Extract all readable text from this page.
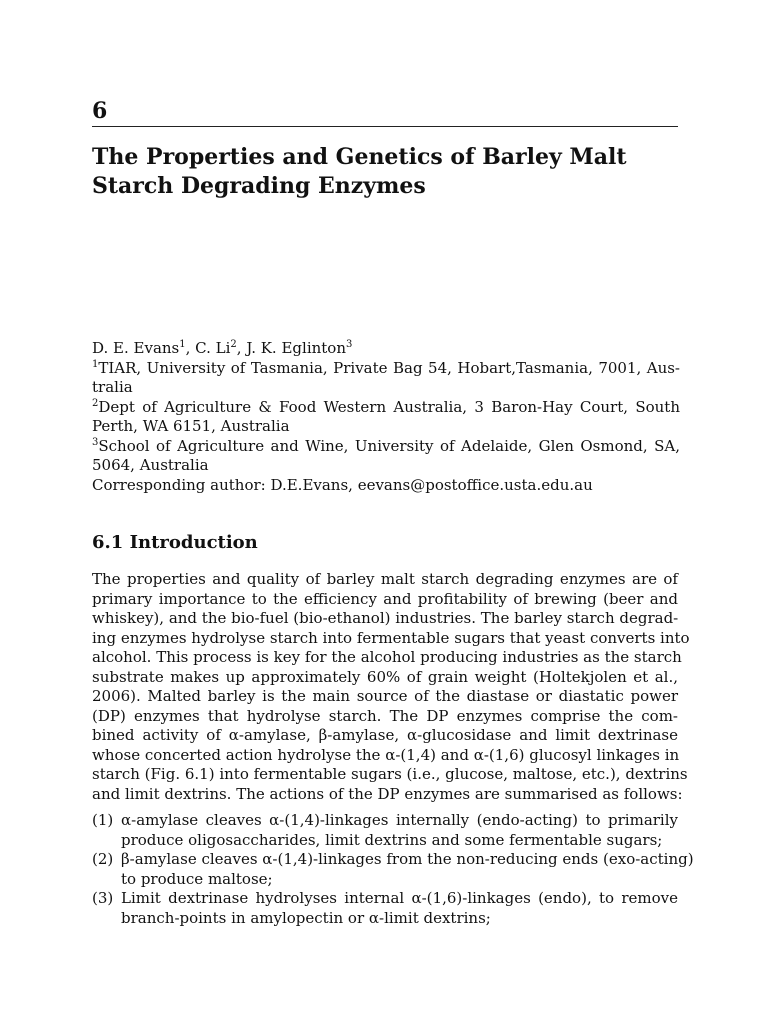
6
The Properties and Genetics of Barley Malt
Starch Degrading Enzymes
D. E. Evans$^1$, C. Li$^2$, J. K. Eglinton$^3$
$^1$TIAR, University of Tasmania, Private Bag 54, Hobart,Tasmania, 7001, Aus-
tralia
$^2$Dept of Agriculture & Food Western Australia, 3 Baron-Hay Court, South
Perth, WA 6151, Australia
$^3$School of Agriculture and Wine, University of Adelaide, Glen Osmond, SA,
5064, Australia
Corresponding author: D.E.Evans, eevans@postoffice.usta.edu.au
6.1 Introduction
The properties and quality of barley malt starch degrading enzymes are of
primary importance to the efficiency and profitability of brewing (beer and
whiskey), and the bio-fuel (bio-ethanol) industries. The barley starch degrad-
ing enzymes hydrolyse starch into fermentable sugars that yeast converts into
alcohol. This process is key for the alcohol producing industries as the starch
substrate makes up approximately 60% of grain weight (Holtekjolen et al.,
2006). Malted barley is the main source of the diastase or diastatic power
(DP) enzymes that hydrolyse starch. The DP enzymes comprise the com-
bined activity of α-amylase, β-amylase, α-glucosidase and limit dextrinase
whose concerted action hydrolyse the α-(1,4) and α-(1,6) glucosyl linkages in
starch (Fig. 6.1) into fermentable sugars (i.e., glucose, maltose, etc.), dextrins
and limit dextrins. The actions of the DP enzymes are summarised as follows:
(1) α-amylase cleaves α-(1,4)-linkages internally (endo-acting) to primarily
produce oligosaccharides, limit dextrins and some fermentable sugars;
(2) β-amylase cleaves α-(1,4)-linkages from the non-reducing ends (exo-acting)
to produce maltose;
(3) Limit dextrinase hydrolyses internal α-(1,6)-linkages (endo), to remove
branch-points in amylopectin or α-limit dextrins;
